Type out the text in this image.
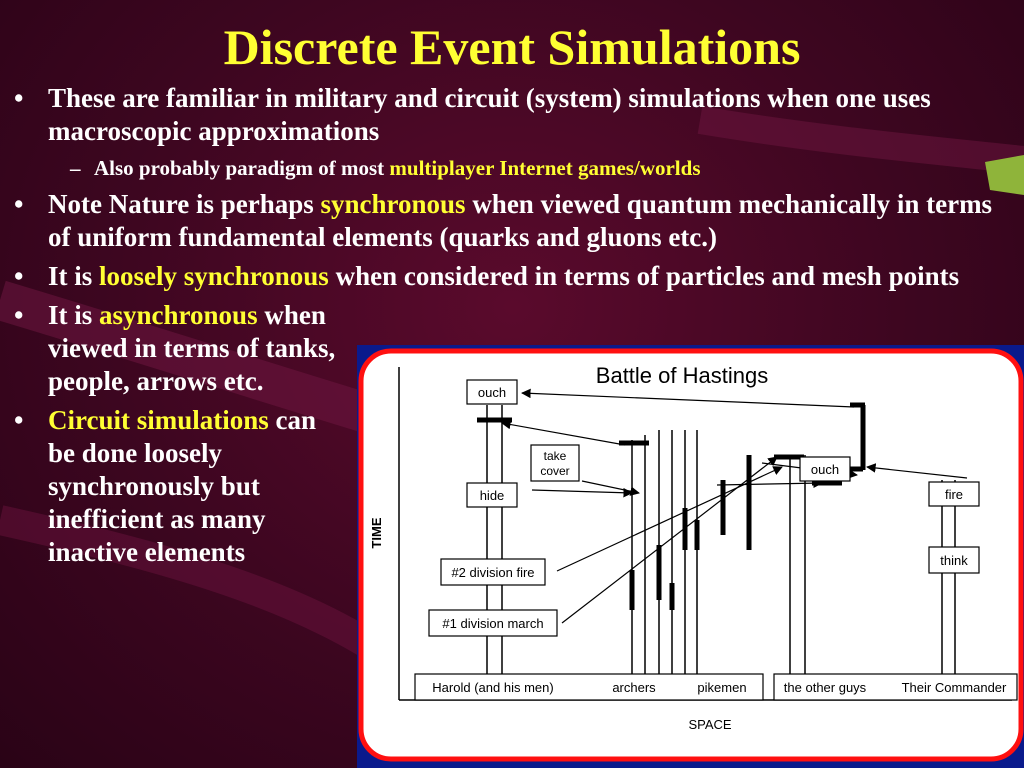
Discrete Event Simulations
• These are familiar in military and circuit (system) simulations when one uses macroscopic approximations
– Also probably paradigm of most multiplayer Internet games/worlds
• Note Nature is perhaps synchronous when viewed quantum mechanically in terms of uniform fundamental elements (quarks and gluons etc.)
• It is loosely synchronous when considered in terms of particles and mesh points
• It is asynchronous when viewed in terms of tanks, people, arrows etc.
• Circuit simulations can be done loosely synchronously but inefficient as many inactive elements
Battle of Hastings
TIME
SPACE
ouch
take
cover
hide
#2 division fire
#1 division march
ouch
fire
think
Harold (and his men)	archers	pikemen	the other guys	Their Commander
